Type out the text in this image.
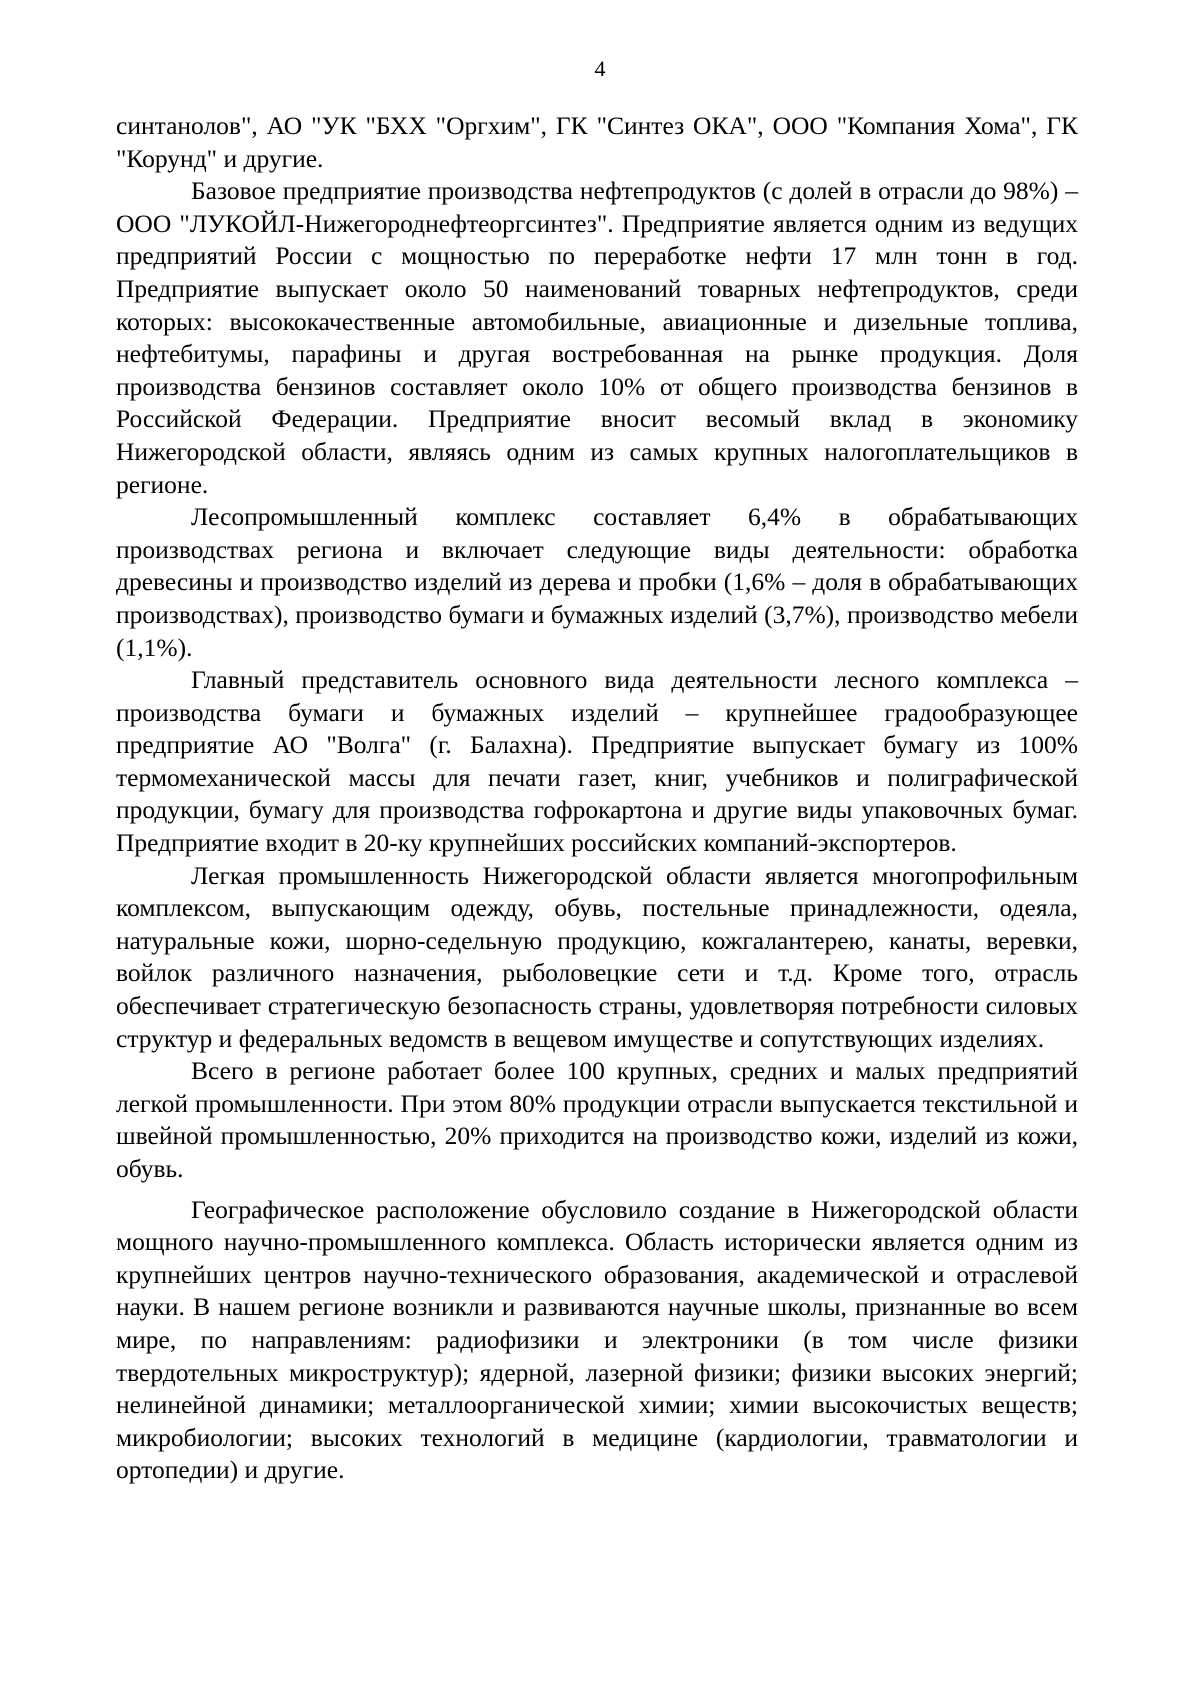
4

синтанолов", АО "УК "БХХ "Оргхим", ГК "Синтез ОКА", ООО "Компания Хома", ГК "Корунд" и другие.

Базовое предприятие производства нефтепродуктов (с долей в отрасли до 98%) – ООО "ЛУКОЙЛ-Нижегороднефтеоргсинтез". Предприятие является одним из ведущих предприятий России с мощностью по переработке нефти 17 млн тонн в год. Предприятие выпускает около 50 наименований товарных нефтепродуктов, среди которых: высококачественные автомобильные, авиационные и дизельные топлива, нефтебитумы, парафины и другая востребованная на рынке продукция. Доля производства бензинов составляет около 10% от общего производства бензинов в Российской Федерации. Предприятие вносит весомый вклад в экономику Нижегородской области, являясь одним из самых крупных налогоплательщиков в регионе.

Лесопромышленный комплекс составляет 6,4% в обрабатывающих производствах региона и включает следующие виды деятельности: обработка древесины и производство изделий из дерева и пробки (1,6% – доля в обрабатывающих производствах), производство бумаги и бумажных изделий (3,7%), производство мебели (1,1%).

Главный представитель основного вида деятельности лесного комплекса – производства бумаги и бумажных изделий – крупнейшее градообразующее предприятие АО "Волга" (г. Балахна). Предприятие выпускает бумагу из 100% термомеханической массы для печати газет, книг, учебников и полиграфической продукции, бумагу для производства гофрокартона и другие виды упаковочных бумаг. Предприятие входит в 20-ку крупнейших российских компаний-экспортеров.

Легкая промышленность Нижегородской области является многопрофильным комплексом, выпускающим одежду, обувь, постельные принадлежности, одеяла, натуральные кожи, шорно-седельную продукцию, кожгалантерею, канаты, веревки, войлок различного назначения, рыболовецкие сети и т.д. Кроме того, отрасль обеспечивает стратегическую безопасность страны, удовлетворяя потребности силовых структур и федеральных ведомств в вещевом имуществе и сопутствующих изделиях.

Всего в регионе работает более 100 крупных, средних и малых предприятий легкой промышленности. При этом 80% продукции отрасли выпускается текстильной и швейной промышленностью, 20% приходится на производство кожи, изделий из кожи, обувь.

Географическое расположение обусловило создание в Нижегородской области мощного научно-промышленного комплекса. Область исторически является одним из крупнейших центров научно-технического образования, академической и отраслевой науки. В нашем регионе возникли и развиваются научные школы, признанные во всем мире, по направлениям: радиофизики и электроники (в том числе физики твердотельных микроструктур); ядерной, лазерной физики; физики высоких энергий; нелинейной динамики; металлоорганической химии; химии высокочистых веществ; микробиологии; высоких технологий в медицине (кардиологии, травматологии и ортопедии) и другие.
